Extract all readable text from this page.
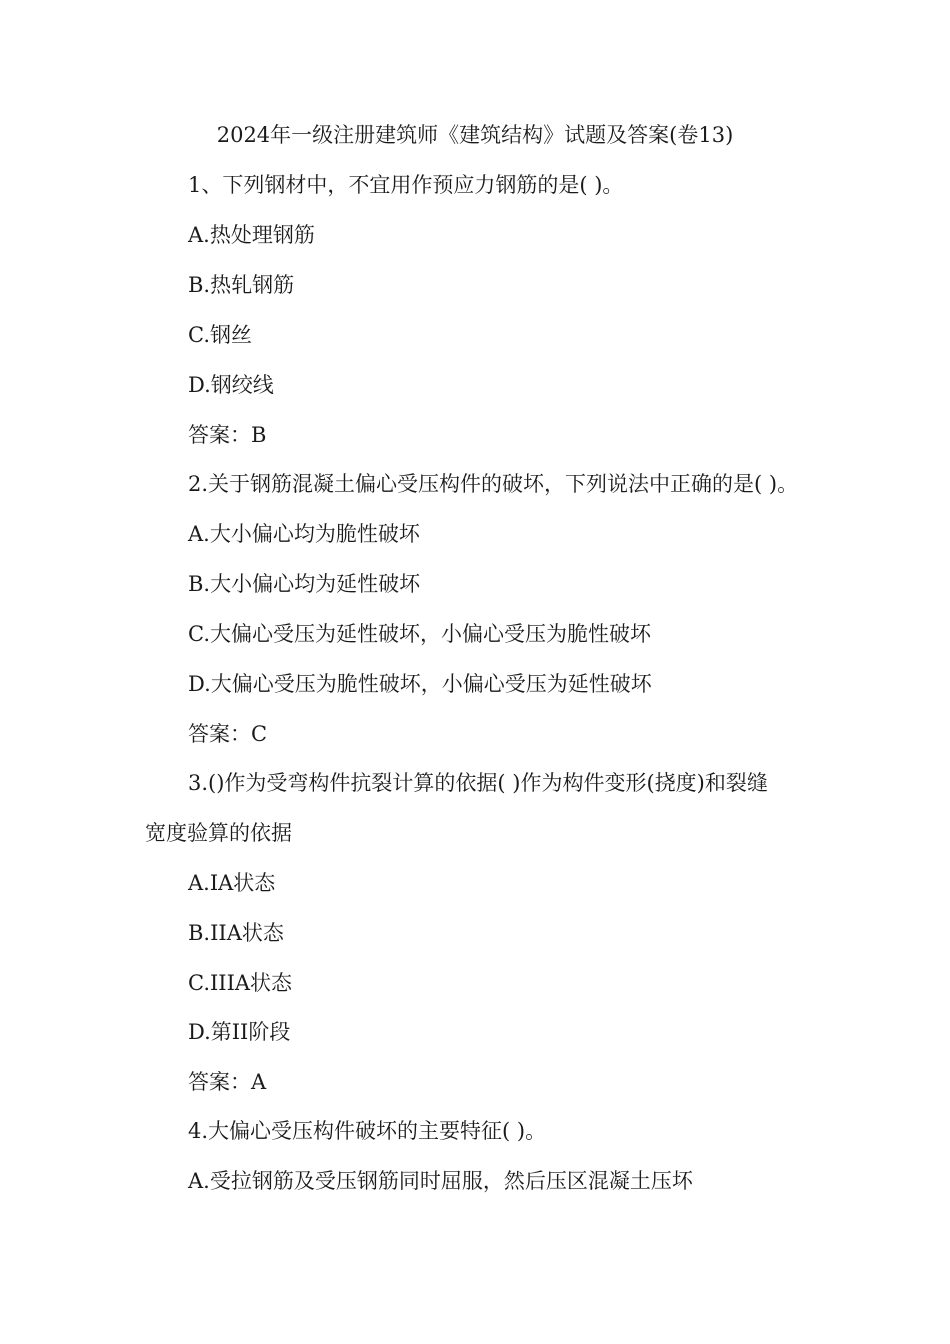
2024年一级注册建筑师《建筑结构》试题及答案(卷13)
1、下列钢材中，不宜用作预应力钢筋的是( )。
A.热处理钢筋
B.热轧钢筋
C.钢丝
D.钢绞线
答案：B
2.关于钢筋混凝土偏心受压构件的破坏，下列说法中正确的是( )。
A.大小偏心均为脆性破坏
B.大小偏心均为延性破坏
C.大偏心受压为延性破坏，小偏心受压为脆性破坏
D.大偏心受压为脆性破坏，小偏心受压为延性破坏
答案：C
3.()作为受弯构件抗裂计算的依据( )作为构件变形(挠度)和裂缝
宽度验算的依据
A.IA状态
B.IIA状态
C.IIIA状态
D.第II阶段
答案：A
4.大偏心受压构件破坏的主要特征( )。
A.受拉钢筋及受压钢筋同时屈服，然后压区混凝土压坏
